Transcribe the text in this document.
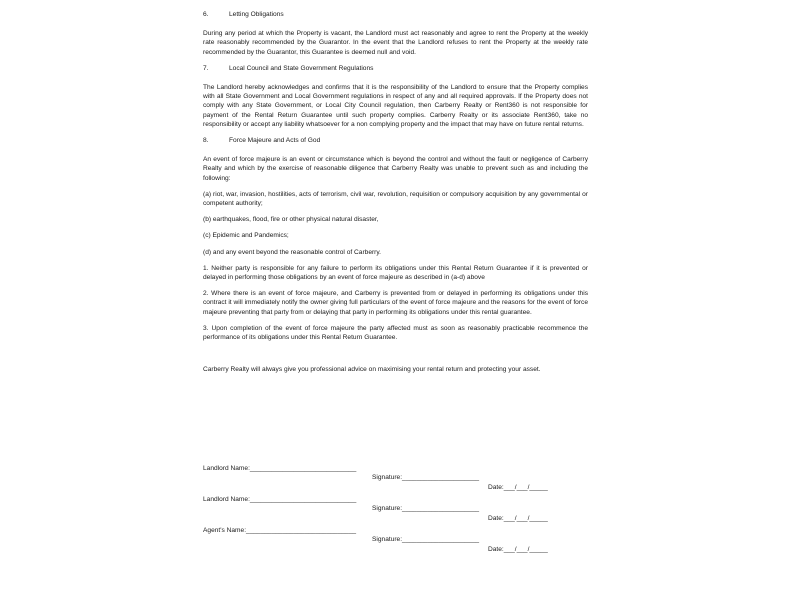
6.	Letting Obligations

During any period at which the Property is vacant, the Landlord must act reasonably and agree to rent the Property at the weekly rate reasonably recommended by the Guarantor. In the event that the Landlord refuses to rent the Property at the weekly rate recommended by the Guarantor, this Guarantee is deemed null and void.

7.	Local Council and State Government Regulations

The Landlord hereby acknowledges and confirms that it is the responsibility of the Landlord to ensure that the Property complies with all State Government and Local Government regulations in respect of any and all required approvals. If the Property does not comply with any State Government, or Local City Council regulation, then Carberry Realty or Rent360 is not responsible for payment of the Rental Return Guarantee until such property complies. Carberry Realty or its associate Rent360, take no responsibility or accept any liability whatsoever for a non complying property and the impact that may have on future rental returns.

8.	Force Majeure and Acts of God

An event of force majeure is an event or circumstance which is beyond the control and without the fault or negligence of Carberry Realty and which by the exercise of reasonable diligence that Carberry Realty was unable to prevent such as and including the following:

(a) riot, war, invasion, hostilities, acts of terrorism, civil war, revolution, requisition or compulsory acquisition by any governmental or competent authority;

(b) earthquakes, flood, fire or other physical natural disaster,

(c) Epidemic and Pandemics;

(d) and any event beyond the reasonable control of Carberry.

1. Neither party is responsible for any failure to perform its obligations under this Rental Return Guarantee if it is prevented or delayed in performing those obligations by an event of force majeure as described in (a-d) above

2. Where there is an event of force majeure, and Carberry is prevented from or delayed in performing its obligations under this contract it will immediately notify the owner giving full particulars of the event of force majeure and the reasons for the event of force majeure preventing that party from or delaying that party in performing its obligations under this rental guarantee.

3. Upon completion of the event of force majeure the party affected must as soon as reasonably practicable recommence the performance of its obligations under this Rental Return Guarantee.

Carberry Realty will always give you professional advice on maximising your rental return and protecting your asset.

Landlord Name:_____________________________

Signature:_____________________

Date:___/___/_____

Landlord Name:_____________________________

Signature:_____________________

Date:___/___/_____

Agent's Name:______________________________

Signature:_____________________

Date:___/___/_____
